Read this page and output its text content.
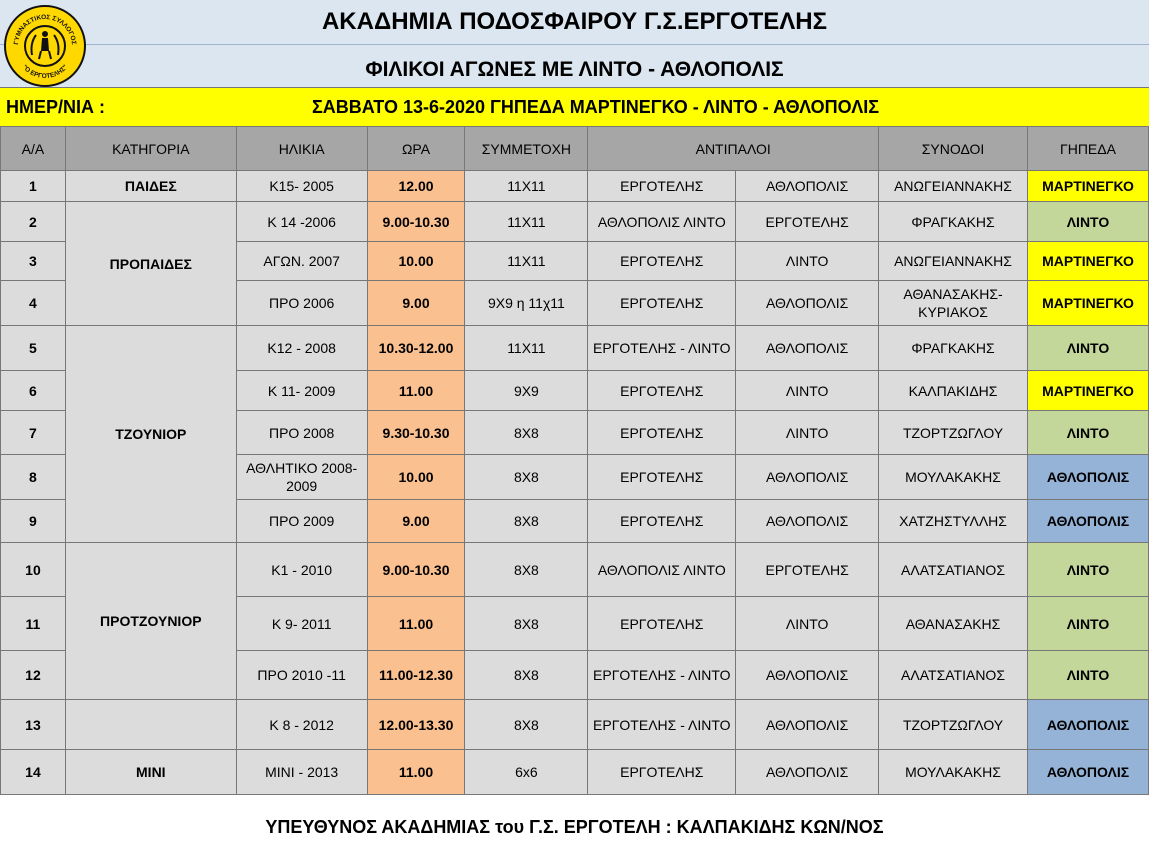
ΑΚΑΔΗΜΙΑ ΠΟΔΟΣΦΑΙΡΟΥ Γ.Σ.ΕΡΓΟΤΕΛΗΣ
ΦΙΛΙΚΟΙ ΑΓΩΝΕΣ ΜΕ ΛΙΝΤΟ - ΑΘΛΟΠΟΛΙΣ
ΓΥΜΝΑΣΤΙΚΟΣ ΣΥΛΛΟΓΟΣ
"Ο ΕΡΓΟΤΕΛΗΣ"
ΗΜΕΡ/ΝΙΑ :	ΣΑΒΒΑΤΟ 13-6-2020 ΓΗΠΕΔΑ ΜΑΡΤΙΝΕΓΚΟ - ΛΙΝΤΟ - ΑΘΛΟΠΟΛΙΣ
Α/Α	ΚΑΤΗΓΟΡΙΑ	ΗΛΙΚΙΑ	ΩΡΑ	ΣΥΜΜΕΤΟΧΗ	ΑΝΤΙΠΑΛΟΙ		ΣΥΝΟΔΟΙ	ΓΗΠΕΔΑ
1	ΠΑΙΔΕΣ	Κ15- 2005	12.00	11Χ11	ΕΡΓΟΤΕΛΗΣ	ΑΘΛΟΠΟΛΙΣ	ΑΝΩΓΕΙΑΝΝΑΚΗΣ	ΜΑΡΤΙΝΕΓΚΟ
2	ΠΡΟΠΑΙΔΕΣ	Κ 14 -2006	9.00-10.30	11Χ11	ΑΘΛΟΠΟΛΙΣ ΛΙΝΤΟ	ΕΡΓΟΤΕΛΗΣ	ΦΡΑΓΚΑΚΗΣ	ΛΙΝΤΟ
3		ΑΓΩΝ. 2007	10.00	11Χ11	ΕΡΓΟΤΕΛΗΣ	ΛΙΝΤΟ	ΑΝΩΓΕΙΑΝΝΑΚΗΣ	ΜΑΡΤΙΝΕΓΚΟ
4		ΠΡΟ 2006	9.00	9Χ9 η 11χ11	ΕΡΓΟΤΕΛΗΣ	ΑΘΛΟΠΟΛΙΣ	ΑΘΑΝΑΣΑΚΗΣ- ΚΥΡΙΑΚΟΣ	ΜΑΡΤΙΝΕΓΚΟ
5	ΤΖΟΥΝΙΟΡ	Κ12 - 2008	10.30-12.00	11Χ11	ΕΡΓΟΤΕΛΗΣ - ΛΙΝΤΟ	ΑΘΛΟΠΟΛΙΣ	ΦΡΑΓΚΑΚΗΣ	ΛΙΝΤΟ
6		Κ 11- 2009	11.00	9Χ9	ΕΡΓΟΤΕΛΗΣ	ΛΙΝΤΟ	ΚΑΛΠΑΚΙΔΗΣ	ΜΑΡΤΙΝΕΓΚΟ
7		ΠΡΟ 2008	9.30-10.30	8Χ8	ΕΡΓΟΤΕΛΗΣ	ΛΙΝΤΟ	ΤΖΟΡΤΖΩΓΛΟΥ	ΛΙΝΤΟ
8		ΑΘΛΗΤΙΚΟ 2008-2009	10.00	8Χ8	ΕΡΓΟΤΕΛΗΣ	ΑΘΛΟΠΟΛΙΣ	ΜΟΥΛΑΚΑΚΗΣ	ΑΘΛΟΠΟΛΙΣ
9		ΠΡΟ 2009	9.00	8Χ8	ΕΡΓΟΤΕΛΗΣ	ΑΘΛΟΠΟΛΙΣ	ΧΑΤΖΗΣΤΥΛΛΗΣ	ΑΘΛΟΠΟΛΙΣ
10	ΠΡΟΤΖΟΥΝΙΟΡ	Κ1 - 2010	9.00-10.30	8Χ8	ΑΘΛΟΠΟΛΙΣ ΛΙΝΤΟ	ΕΡΓΟΤΕΛΗΣ	ΑΛΑΤΣΑΤΙΑΝΟΣ	ΛΙΝΤΟ
11		Κ 9- 2011	11.00	8Χ8	ΕΡΓΟΤΕΛΗΣ	ΛΙΝΤΟ	ΑΘΑΝΑΣΑΚΗΣ	ΛΙΝΤΟ
12		ΠΡΟ 2010 -11	11.00-12.30	8Χ8	ΕΡΓΟΤΕΛΗΣ - ΛΙΝΤΟ	ΑΘΛΟΠΟΛΙΣ	ΑΛΑΤΣΑΤΙΑΝΟΣ	ΛΙΝΤΟ
13		Κ 8 - 2012	12.00-13.30	8Χ8	ΕΡΓΟΤΕΛΗΣ - ΛΙΝΤΟ	ΑΘΛΟΠΟΛΙΣ	ΤΖΟΡΤΖΩΓΛΟΥ	ΑΘΛΟΠΟΛΙΣ
14	ΜΙΝΙ	ΜΙΝΙ - 2013	11.00	6x6	ΕΡΓΟΤΕΛΗΣ	ΑΘΛΟΠΟΛΙΣ	ΜΟΥΛΑΚΑΚΗΣ	ΑΘΛΟΠΟΛΙΣ
ΥΠΕΥΘΥΝΟΣ ΑΚΑΔΗΜΙΑΣ του Γ.Σ. ΕΡΓΟΤΕΛΗ : ΚΑΛΠΑΚΙΔΗΣ ΚΩΝ/ΝΟΣ
